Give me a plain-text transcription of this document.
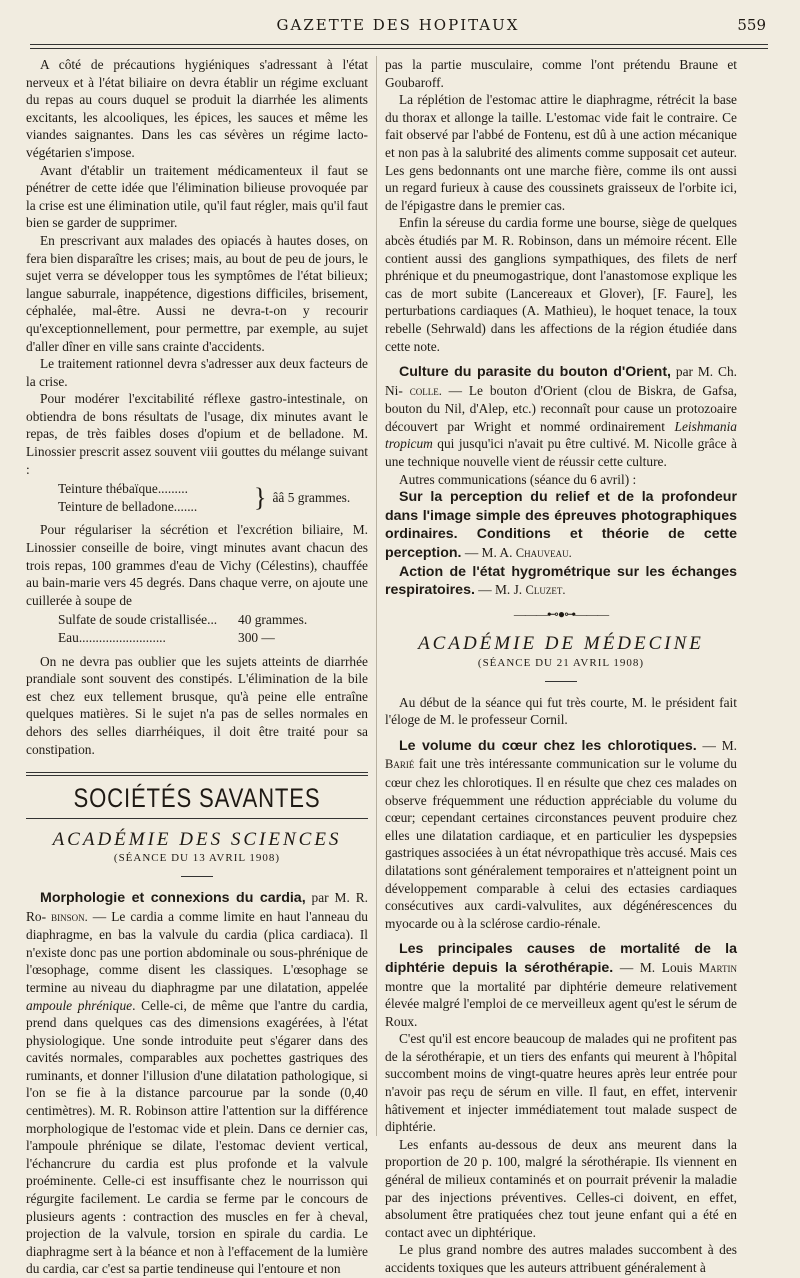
GAZETTE DES HOPITAUX	559

A côté de précautions hygiéniques s'adressant à l'état nerveux et à l'état biliaire on devra établir un régime excluant du repas au cours duquel se produit la diarrhée les aliments excitants, les alcooliques, les épices, les sauces et même les viandes saignantes. Dans les cas sévères un régime lacto-végétarien s'impose.

Avant d'établir un traitement médicamenteux il faut se pénétrer de cette idée que l'élimination bilieuse provoquée par la crise est une élimination utile, qu'il faut régler, mais qu'il faut bien se garder de supprimer.

En prescrivant aux malades des opiacés à hautes doses, on fera bien disparaître les crises; mais, au bout de peu de jours, le sujet verra se développer tous les symptômes de l'état bilieux; langue saburrale, inappétence, digestions difficiles, brisement, céphalée, mal-être. Aussi ne devra-t-on y recourir qu'exceptionnellement, pour permettre, par exemple, au sujet d'aller dîner en ville sans crainte d'accidents.

Le traitement rationnel devra s'adresser aux deux facteurs de la crise.

Pour modérer l'excitabilité réflexe gastro-intestinale, on obtiendra de bons résultats de l'usage, dix minutes avant le repas, de très faibles doses d'opium et de belladone. M. Linossier prescrit assez souvent viii gouttes du mélange suivant :

Teinture thébaïque.........
Teinture de belladone.......	} ââ 5 grammes.

Pour régulariser la sécrétion et l'excrétion biliaire, M. Linossier conseille de boire, vingt minutes avant chacun des trois repas, 100 grammes d'eau de Vichy (Célestins), chauffée au bain-marie vers 45 degrés. Dans chaque verre, on ajoute une cuillerée à soupe de

Sulfate de soude cristallisée...	40 grammes.
Eau..........................	300 —

On ne devra pas oublier que les sujets atteints de diarrhée prandiale sont souvent des constipés. L'élimination de la bile est chez eux tellement brusque, qu'à peine elle entraîne quelques matières. Si le sujet n'a pas de selles normales en dehors des selles diarrhéiques, il doit être traité pour sa constipation.

SOCIÉTÉS SAVANTES
ACADÉMIE DES SCIENCES
(SÉANCE DU 13 AVRIL 1908)

Morphologie et connexions du cardia, par M. R. Ro- binson. — Le cardia a comme limite en haut l'anneau du diaphragme, en bas la valvule du cardia (plica cardiaca). Il n'existe donc pas une portion abdominale ou sous-phrénique de l'œsophage, comme disent les classiques. L'œsophage se termine au niveau du diaphragme par une dilatation, appelée ampoule phrénique. Celle-ci, de même que l'antre du cardia, prend dans quelques cas des dimensions exagérées, à l'état physiologique. Une sonde introduite peut s'égarer dans des cavités normales, comparables aux pochettes gastriques des ruminants, et donner l'illusion d'une dilatation pathologique, si l'on se fie à la distance parcourue par la sonde (0,40 centimètres). M. R. Robinson attire l'attention sur la différence morphologique de l'estomac vide et plein. Dans ce dernier cas, l'ampoule phrénique se dilate, l'estomac devient vertical, l'échancrure du cardia est plus profonde et la valvule proéminente. Celle-ci est insuffisante chez le nourrisson qui régurgite facilement. Le cardia se ferme par le concours de plusieurs agents : contraction des muscles en fer à cheval, projection de la valvule, torsion en spirale du cardia. Le diaphragme sert à la béance et non à l'effacement de la lumière du cardia, car c'est sa partie tendineuse qui l'entoure et non

pas la partie musculaire, comme l'ont prétendu Braune et Goubaroff.

La réplétion de l'estomac attire le diaphragme, rétrécit la base du thorax et allonge la taille. L'estomac vide fait le contraire. Ce fait observé par l'abbé de Fontenu, est dû à une action mécanique et non pas à la salubrité des aliments comme supposait cet auteur. Les gens bedonnants ont une marche fière, comme ils ont aussi un regard furieux à cause des coussinets graisseux de l'orbite ici, de l'épigastre dans le premier cas.

Enfin la séreuse du cardia forme une bourse, siège de quelques abcès étudiés par M. R. Robinson, dans un mémoire récent. Elle contient aussi des ganglions sympathiques, des filets de nerf phrénique et du pneumogastrique, dont l'anastomose explique les cas de mort subite (Lancereaux et Glover), [F. Faure], les perturbations cardiaques (A. Mathieu), le hoquet tenace, la toux rebelle (Sehrwald) dans les affections de la région étudiée dans cette note.

Culture du parasite du bouton d'Orient, par M. Ch. Ni- colle. — Le bouton d'Orient (clou de Biskra, de Gafsa, bouton du Nil, d'Alep, etc.) reconnaît pour cause un protozoaire découvert par Wright et nommé ordinairement Leishmania tropicum qui jusqu'ici n'avait pu être cultivé. M. Nicolle grâce à une technique nouvelle vient de réussir cette culture.

Autres communications (séance du 6 avril) :

Sur la perception du relief et de la profondeur dans l'image simple des épreuves photographiques ordinaires. Conditions et théorie de cette perception. — M. A. Chauveau.

Action de l'état hygrométrique sur les échanges respiratoires. — M. J. Cluzet.

———⊷●⊶———
ACADÉMIE DE MÉDECINE
(SÉANCE DU 21 AVRIL 1908)

Au début de la séance qui fut très courte, M. le président fait l'éloge de M. le professeur Cornil.

Le volume du cœur chez les chlorotiques. — M. Barié fait une très intéressante communication sur le volume du cœur chez les chlorotiques. Il en résulte que chez ces malades on observe fréquemment une réduction appréciable du volume du cœur; cependant certaines circonstances peuvent produire chez elles une dilatation cardiaque, et en particulier les dyspepsies gastriques associées à un état névropathique très accusé. Mais ces dilatations sont généralement temporaires et n'atteignent point un développement comparable à celui des ectasies cardiaques consécutives aux cardi-valvulites, aux dégénérescences du myocarde ou à la sclérose cardio-rénale.

Les principales causes de mortalité de la diphtérie depuis la sérothérapie. — M. Louis Martin montre que la mortalité par diphtérie demeure relativement élevée malgré l'emploi de ce merveilleux agent qu'est le sérum de Roux.

C'est qu'il est encore beaucoup de malades qui ne profitent pas de la sérothérapie, et un tiers des enfants qui meurent à l'hôpital succombent moins de vingt-quatre heures après leur entrée pour n'avoir pas reçu de sérum en ville. Il faut, en effet, intervenir hâtivement et injecter immédiatement tout malade suspect de diphtérie.

Les enfants au-dessous de deux ans meurent dans la proportion de 20 p. 100, malgré la sérothérapie. Ils viennent en général de milieux contaminés et on pourrait prévenir la maladie par des injections préventives. Celles-ci doivent, en effet, absolument être pratiquées chez tout jeune enfant qui a été en contact avec un diphtérique.

Le plus grand nombre des autres malades succombent à des accidents toxiques que les auteurs attribuent généralement à
